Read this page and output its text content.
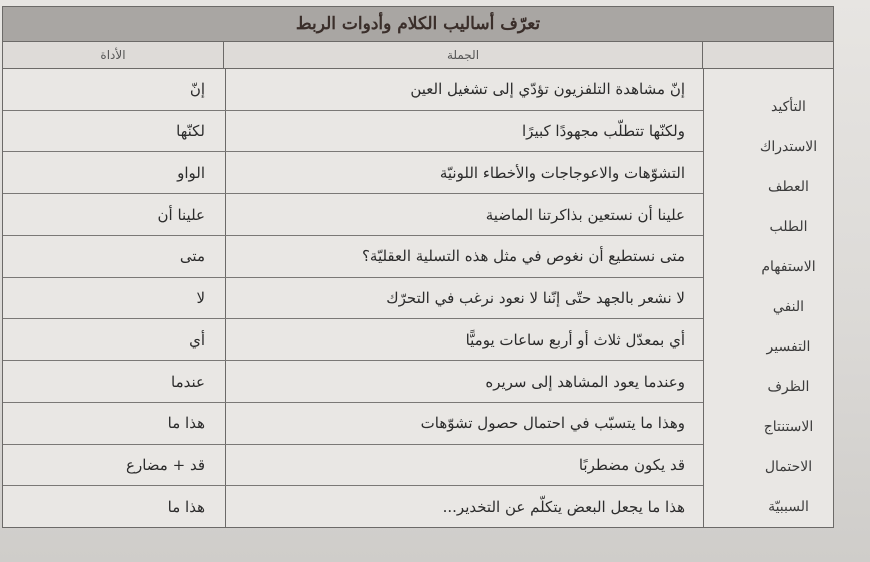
تعرّف أساليب الكلام وأدوات الربط
الجملة
الأداة
التأكيد
الاستدراك
العطف
الطلب
الاستفهام
النفي
التفسير
الظرف
الاستنتاج
الاحتمال
السببيّة
إنّ مشاهدة التلفزيون تؤدّي إلى تشغيل العين
إنّ
ولكنّها تتطلّب مجهودًا كبيرًا
لكنّها
التشوّهات والاعوجاجات والأخطاء اللونيّة
الواو
علينا أن نستعين بذاكرتنا الماضية
علينا أن
متى نستطيع أن نغوص في مثل هذه التسلية العقليّة؟
متى
لا نشعر بالجهد حتّى إنّنا لا نعود نرغب في التحرّك
لا
أي بمعدّل ثلاث أو أربع ساعات يوميًّا
أي
وعندما يعود المشاهد إلى سريره
عندما
وهذا ما يتسبّب في احتمال حصول تشوّهات
هذا ما
قد يكون مضطربًا
قد + مضارع
هذا ما يجعل البعض يتكلّم عن التخدير...
هذا ما
